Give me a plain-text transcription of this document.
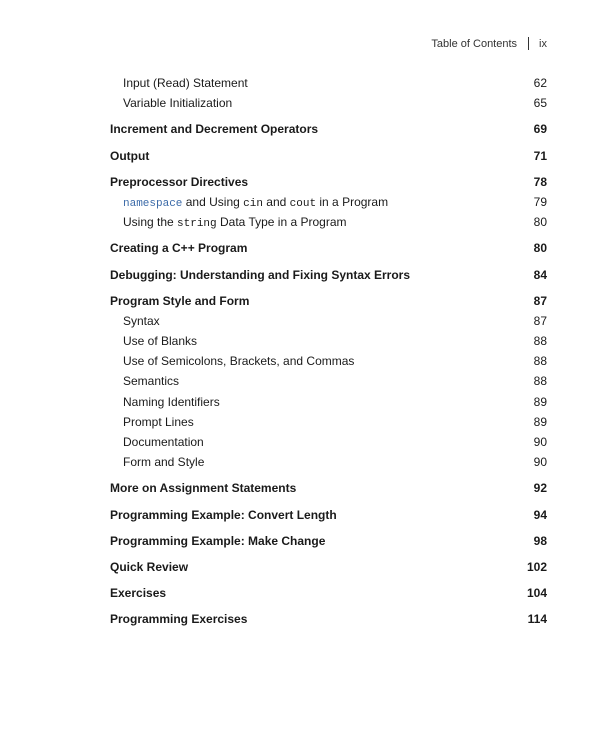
Table of Contents ix
Input (Read) Statement	62
Variable Initialization	65
Increment and Decrement Operators	69
Output	71
Preprocessor Directives	78
namespace and Using cin and cout in a Program	79
Using the string Data Type in a Program	80
Creating a C++ Program	80
Debugging: Understanding and Fixing Syntax Errors	84
Program Style and Form	87
Syntax	87
Use of Blanks	88
Use of Semicolons, Brackets, and Commas	88
Semantics	88
Naming Identifiers	89
Prompt Lines	89
Documentation	90
Form and Style	90
More on Assignment Statements	92
Programming Example: Convert Length	94
Programming Example: Make Change	98
Quick Review	102
Exercises	104
Programming Exercises	114
